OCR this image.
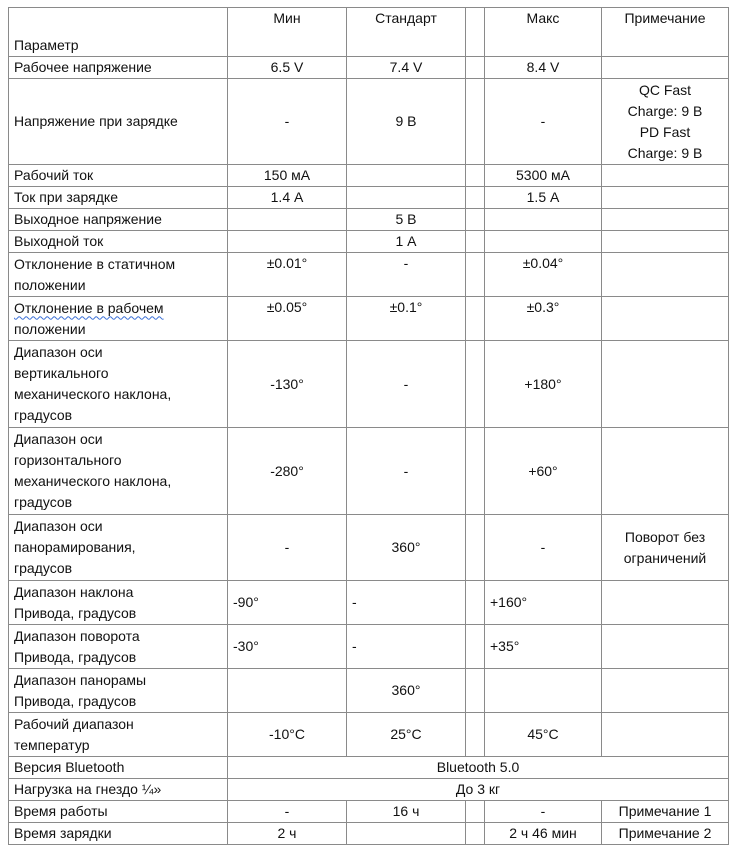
Параметр	Мин	Стандарт		Макс	Примечание
Рабочее напряжение	6.5 V	7.4 V		8.4 V	
Напряжение при зарядке	-	9 В		-	QC Fast
Charge: 9 В
PD Fast
Charge: 9 В

Рабочий ток	150 мА			5300 мА	
Ток при зарядке	1.4 А			1.5 А	
Выходное напряжение		5 В			
Выходной ток		1 А			

Отклонение в статичном
положении	±0.01°	-		±0.04°	

Отклонение в рабочем
положении	±0.05°	±0.1°		±0.3°	

Диапазон оси
вертикального
механического наклона,
градусов	-130°	-		+180°	

Диапазон оси
горизонтального
механического наклона,
градусов	-280°	-		+60°	

Диапазон оси
панорамирования,
градусов	-	360°		-	Поворот без
ограничений

Диапазон наклона
Привода, градусов	-90°	-		+160°	

Диапазон поворота
Привода, градусов	-30°	-		+35°	

Диапазон панорамы
Привода, градусов		360°			

Рабочий диапазон
температур	-10°C	25°C		45°C	
Версия Bluetooth	Bluetooth 5.0				
Нагрузка на гнездо ¼»	До 3 кг				
Время работы	-	16 ч		-	Примечание 1
Время зарядки	2 ч			2 ч 46 мин	Примечание 2
